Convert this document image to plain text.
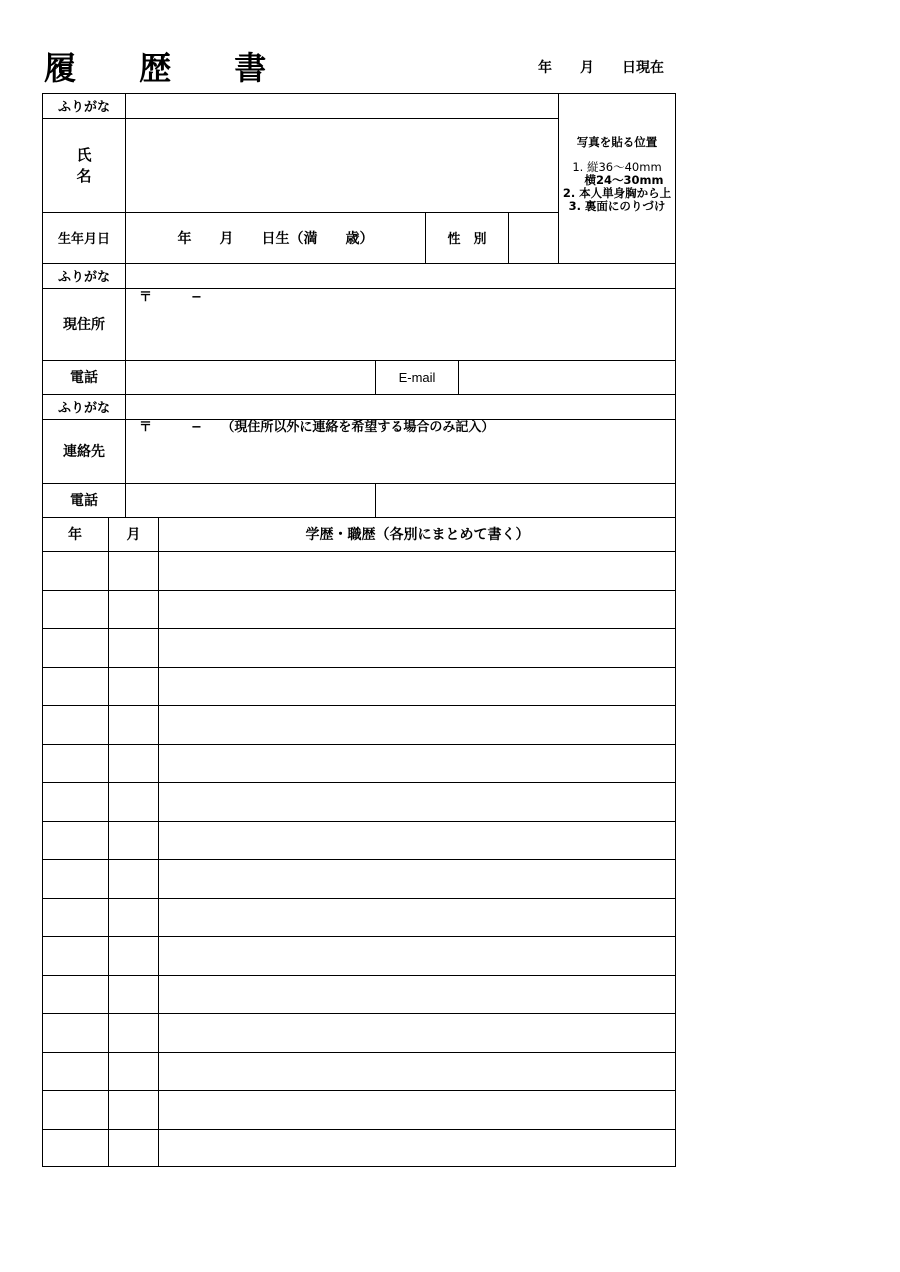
履 歴 書	年　　月　　日現在
ふりがな
氏　名
生年月日	年　　月　　日生（満　　歳）	性　別
写真を貼る位置
1. 縦36〜40mm
横24〜30mm
2. 本人単身胸から上
3. 裏面にのりづけ
ふりがな
現住所
〒　　　−
電話	E-mail
ふりがな
連絡先
〒　　　−　　（現住所以外に連絡を希望する場合のみ記入）
電話
年	月	学歴・職歴（各別にまとめて書く）
